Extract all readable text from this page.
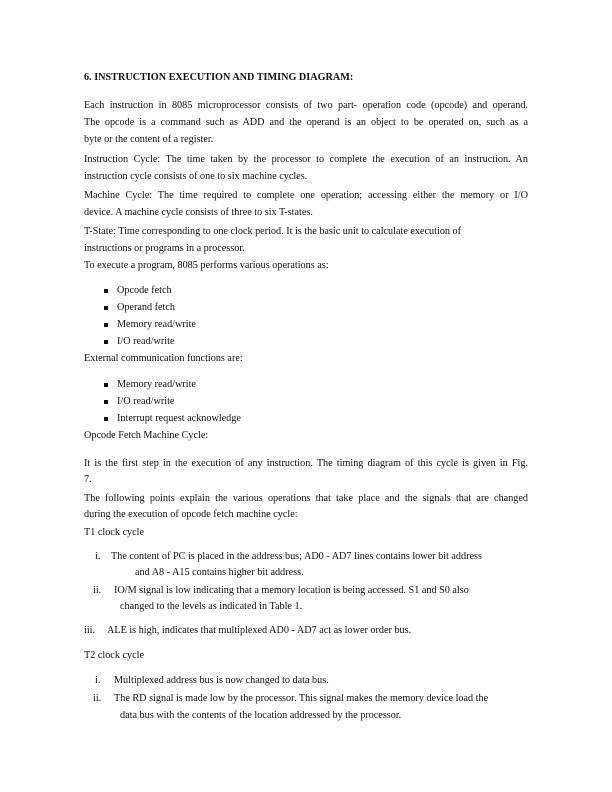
6. INSTRUCTION EXECUTION AND TIMING DIAGRAM:

Each instruction in 8085 microprocessor consists of two part- operation code (opcode) and operand.

The opcode is a command such as ADD and the operand is an object to be operated on, such as a

byte or the content of a register.

Instruction Cycle: The time taken by the processor to complete the execution of an instruction. An

instruction cycle consists of one to six machine cycles.

Machine Cycle: The time required to complete one operation; accessing either the memory or I/O

device. A machine cycle consists of three to six T-states.

T-State: Time corresponding to one clock period. It is the basic unit to calculate execution of

instructions or programs in a processor.

To execute a program, 8085 performs various operations as:

Opcode fetch
Operand fetch
Memory read/write
I/O read/write

External communication functions are:

Memory read/write
I/O read/write
Interrupt request acknowledge

Opcode Fetch Machine Cycle:

It is the first step in the execution of any instruction. The timing diagram of this cycle is given in Fig.

7.

The following points explain the various operations that take place and the signals that are changed

during the execution of opcode fetch machine cycle:

T1 clock cycle

i. The content of PC is placed in the address bus; AD0 - AD7 lines contains lower bit address
and A8 - A15 contains higher bit address.
ii. IO/M signal is low indicating that a memory location is being accessed. S1 and S0 also
changed to the levels as indicated in Table 1.
iii. ALE is high, indicates that multiplexed AD0 - AD7 act as lower order bus.

T2 clock cycle

i. Multiplexed address bus is now changed to data bus.
ii. The RD signal is made low by the processor. This signal makes the memory device load the
data bus with the contents of the location addressed by the processor.
